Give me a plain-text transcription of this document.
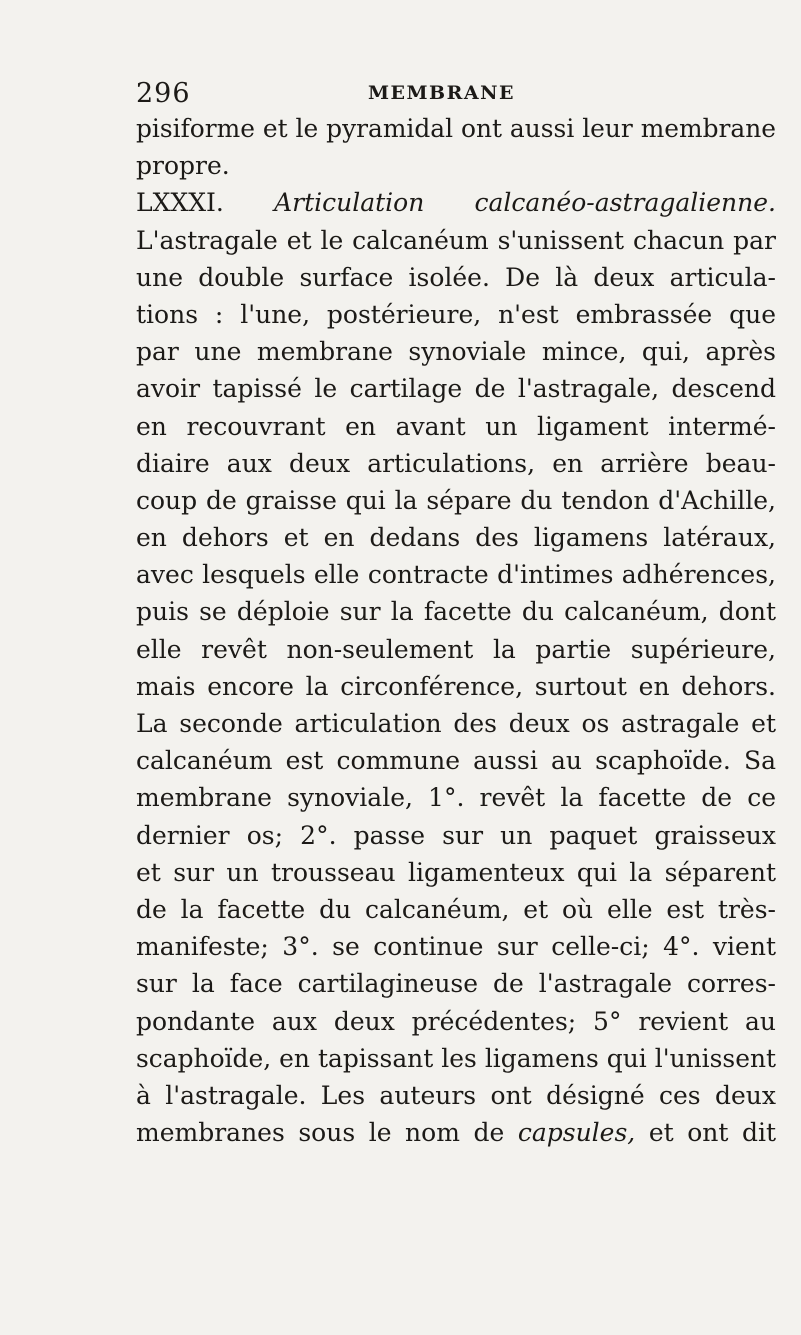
296	MEMBRANE
pisiforme et le pyramidal ont aussi leur membrane
propre.
LXXXI. Articulation calcanéo-astragalienne.
L'astragale et le calcanéum s'unissent chacun par
une double surface isolée. De là deux articula-
tions : l'une, postérieure, n'est embrassée que
par une membrane synoviale mince, qui, après
avoir tapissé le cartilage de l'astragale, descend
en recouvrant en avant un ligament intermé-
diaire aux deux articulations, en arrière beau-
coup de graisse qui la sépare du tendon d'Achille,
en dehors et en dedans des ligamens latéraux,
avec lesquels elle contracte d'intimes adhérences,
puis se déploie sur la facette du calcanéum, dont
elle revêt non-seulement la partie supérieure,
mais encore la circonférence, surtout en dehors.
La seconde articulation des deux os astragale et
calcanéum est commune aussi au scaphoïde. Sa
membrane synoviale, 1°. revêt la facette de ce
dernier os; 2°. passe sur un paquet graisseux
et sur un trousseau ligamenteux qui la séparent
de la facette du calcanéum, et où elle est très-
manifeste; 3°. se continue sur celle-ci; 4°. vient
sur la face cartilagineuse de l'astragale corres-
pondante aux deux précédentes; 5° revient au
scaphoïde, en tapissant les ligamens qui l'unissent
à l'astragale. Les auteurs ont désigné ces deux
membranes sous le nom de capsules, et ont dit
